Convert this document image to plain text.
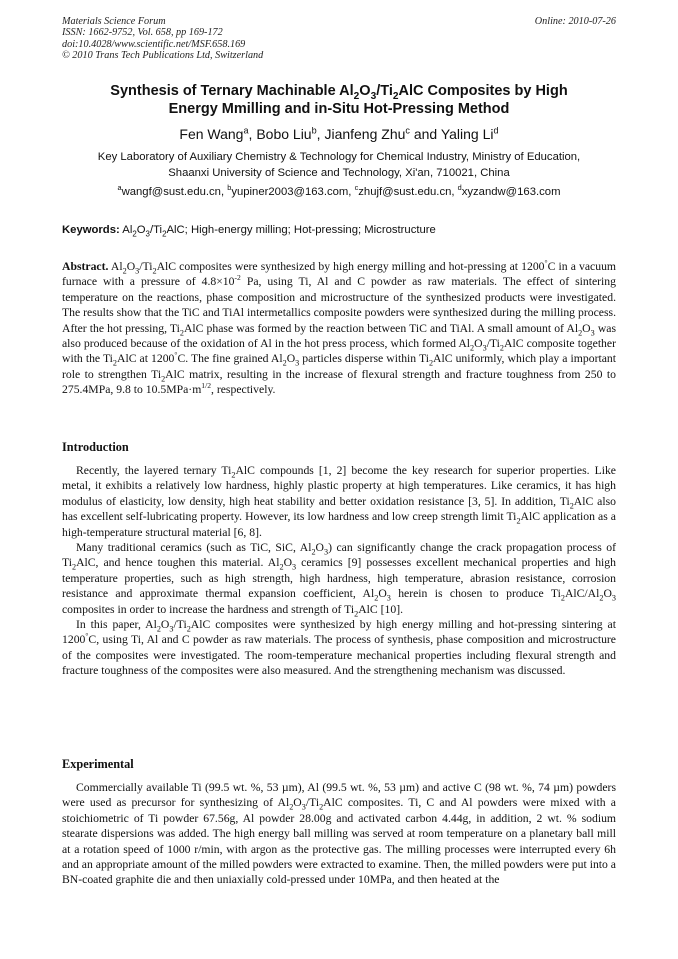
Materials Science Forum
ISSN: 1662-9752, Vol. 658, pp 169-172
doi:10.4028/www.scientific.net/MSF.658.169
© 2010 Trans Tech Publications Ltd, Switzerland
Online: 2010-07-26
Synthesis of Ternary Machinable $Al_2O_3/Ti_2AlC$ Composites by High
Energy Mmilling and in-Situ Hot-Pressing Method
Fen Wang$^a$, Bobo Liu$^b$, Jianfeng Zhu$^c$ and Yaling Li$^d$
Key Laboratory of Auxiliary Chemistry & Technology for Chemical Industry, Ministry of Education,
Shaanxi University of Science and Technology, Xi'an, 710021, China
$^a$wangf@sust.edu.cn, $^b$yupiner2003@163.com, $^c$zhujf@sust.edu.cn, $^d$xyzandw@163.com
Keywords: $Al_2O_3/Ti_2AlC$; High-energy milling; Hot-pressing; Microstructure
Abstract. $Al_2O_3/Ti_2AlC$ composites were synthesized by high energy milling and hot-pressing at 1200°C in a vacuum furnace with a pressure of $4.8\times 10^{-2}$ Pa, using Ti, Al and C powder as raw materials. The effect of sintering temperature on the reactions, phase composition and microstructure of the synthesized products were investigated. The results show that the TiC and TiAl intermetallics composite powders were synthesized during the milling process. After the hot pressing, $Ti_2AlC$ phase was formed by the reaction between TiC and TiAl. A small amount of $Al_2O_3$ was also produced because of the oxidation of Al in the hot press process, which formed $Al_2O_3/Ti_2AlC$ composite together with the $Ti_2AlC$ at 1200°C. The fine grained $Al_2O_3$ particles disperse within $Ti_2AlC$ uniformly, which play a important role to strengthen $Ti_2AlC$ matrix, resulting in the increase of flexural strength and fracture toughness from 250 to 275.4MPa, 9.8 to $10.5MPa\cdot m^{1/2}$, respectively.
Introduction

Recently, the layered ternary $Ti_2AlC$ compounds [1, 2] become the key research for superior properties. Like metal, it exhibits a relatively low hardness, highly plastic property at high temperatures. Like ceramics, it has high modulus of elasticity, low density, high heat stability and better oxidation resistance [3, 5]. In addition, $Ti_2AlC$ also has excellent self-lubricating property. However, its low hardness and low creep strength limit $Ti_2AlC$ application as a high-temperature structural material [6, 8].

Many traditional ceramics (such as TiC, SiC, $Al_2O_3$) can significantly change the crack propagation process of $Ti_2AlC$, and hence toughen this material. $Al_2O_3$ ceramics [9] possesses excellent mechanical properties and high temperature properties, such as high strength, high hardness, high temperature, abrasion resistance, corrosion resistance and approximate thermal expansion coefficient, $Al_2O_3$ herein is chosen to produce $Ti_2AlC/Al_2O_3$ composites in order to increase the hardness and strength of $Ti_2AlC$ [10].

In this paper, $Al_2O_3/Ti_2AlC$ composites were synthesized by high energy milling and hot-pressing sintering at 1200°C, using Ti, Al and C powder as raw materials. The process of synthesis, phase composition and microstructure of the composites were investigated. The room-temperature mechanical properties including flexural strength and fracture toughness of the composites were also measured. And the strengthening mechanism was discussed.

Experimental

Commercially available Ti (99.5 wt. %, 53 µm), Al (99.5 wt. %, 53 µm) and active C (98 wt. %, 74 µm) powders were used as precursor for synthesizing of $Al_2O_3/Ti_2AlC$ composites. Ti, C and Al powders were mixed with a stoichiometric of Ti powder 67.56g, Al powder 28.00g and activated carbon 4.44g, in addition, 2 wt. % sodium stearate dispersions was added. The high energy ball milling was served at room temperature on a planetary ball mill at a rotation speed of 1000 r/min, with argon as the protective gas. The milling processes were interrupted every 6h and an appropriate amount of the milled powders were extracted to examine. Then, the milled powders were put into a BN-coated graphite die and then uniaxially cold-pressed under 10MPa, and then heated at the
